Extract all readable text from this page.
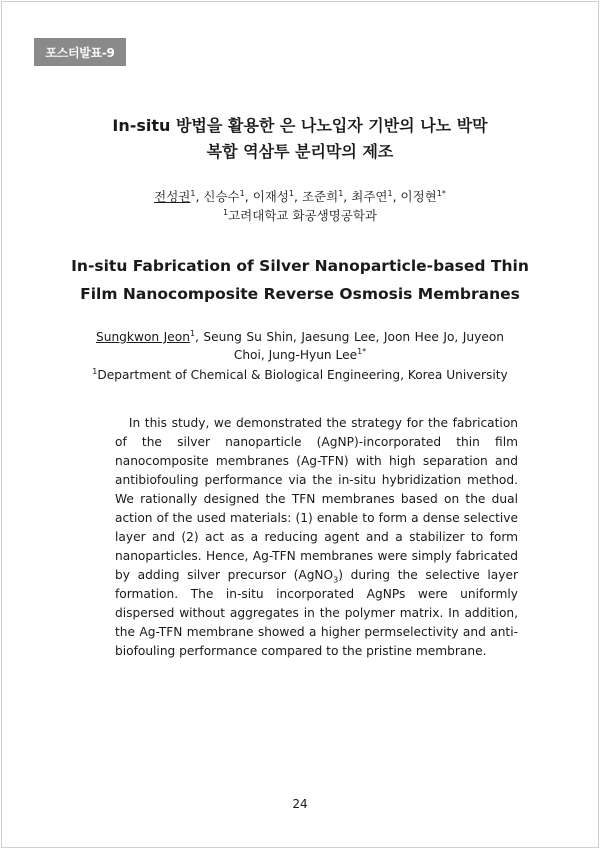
포스터발표-9
In-situ 방법을 활용한 은 나노입자 기반의 나노 박막
복합 역삼투 분리막의 제조
전성권$^1$, 신승수$^1$, 이재성$^1$, 조준희$^1$, 최주연$^1$, 이정현$^{1*}$
$^1$고려대학교 화공생명공학과
In-situ Fabrication of Silver Nanoparticle-based Thin
Film Nanocomposite Reverse Osmosis Membranes
Sungkwon Jeon$^1$, Seung Su Shin, Jaesung Lee, Joon Hee Jo, Juyeon Choi, Jung-Hyun Lee$^{1*}$
$^1$Department of Chemical & Biological Engineering, Korea University

In this study, we demonstrated the strategy for the fabrication of the silver nanoparticle (AgNP)-incorporated thin film nanocomposite membranes (Ag-TFN) with high separation and antibiofouling performance via the in-situ hybridization method. We rationally designed the TFN membranes based on the dual action of the used materials: (1) enable to form a dense selective layer and (2) act as a reducing agent and a stabilizer to form nanoparticles. Hence, Ag-TFN membranes were simply fabricated by adding silver precursor (AgNO$_3$) during the selective layer formation. The in-situ incorporated AgNPs were uniformly dispersed without aggregates in the polymer matrix. In addition, the Ag-TFN membrane showed a higher permselectivity and anti-biofouling performance compared to the pristine membrane.

24
